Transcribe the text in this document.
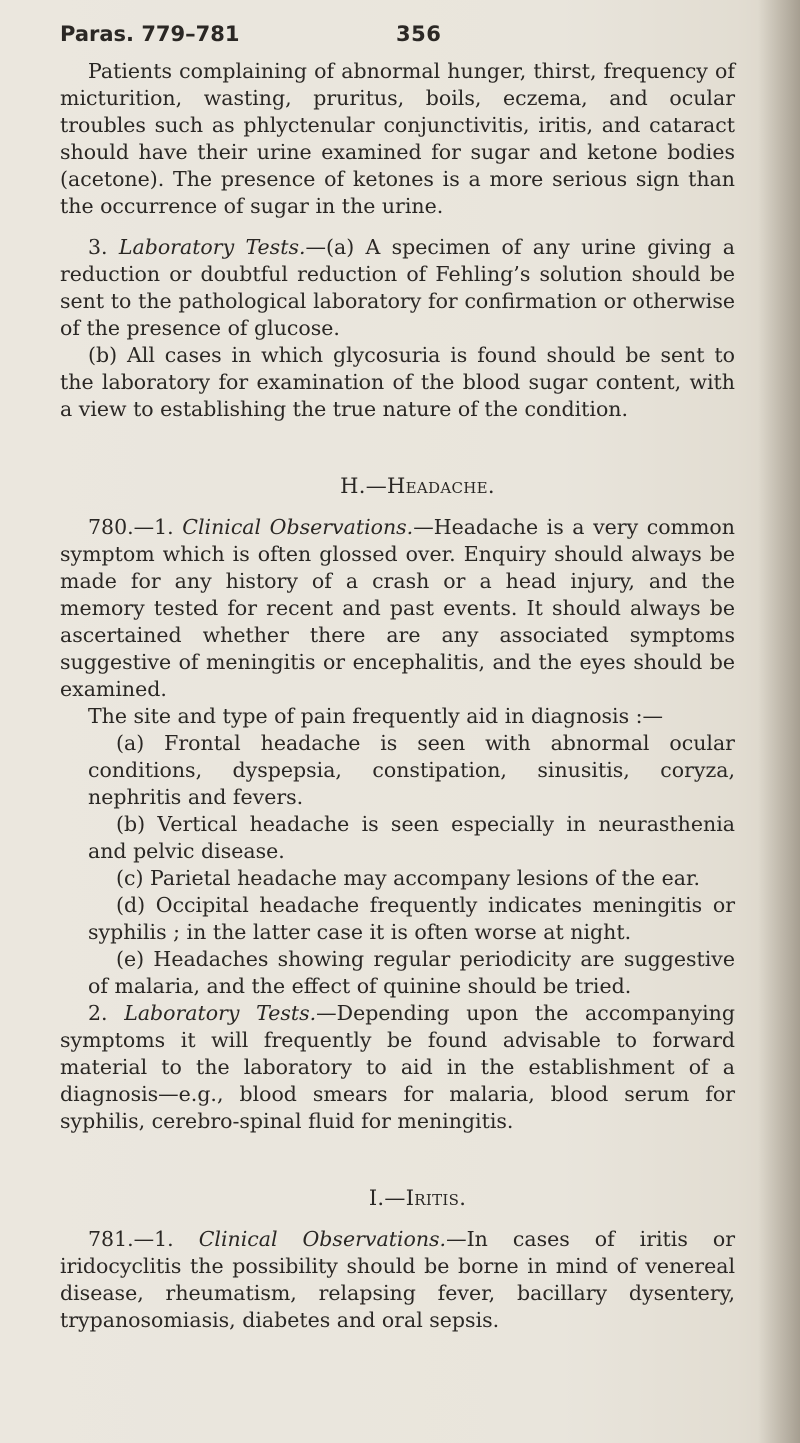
Paras. 779–781	356

Patients complaining of abnormal hunger, thirst, frequency of micturition, wasting, pruritus, boils, eczema, and ocular troubles such as phlyctenular conjunctivitis, iritis, and cataract should have their urine examined for sugar and ketone bodies (acetone). The presence of ketones is a more serious sign than the occurrence of sugar in the urine.

3. Laboratory Tests.—(a) A specimen of any urine giving a reduction or doubtful reduction of Fehling’s solution should be sent to the pathological laboratory for confirmation or otherwise of the presence of glucose.

(b) All cases in which glycosuria is found should be sent to the laboratory for examination of the blood sugar content, with a view to establishing the true nature of the condition.

H.—Headache.

780.—1. Clinical Observations.—Headache is a very common symptom which is often glossed over. Enquiry should always be made for any history of a crash or a head injury, and the memory tested for recent and past events. It should always be ascertained whether there are any associated symptoms suggestive of meningitis or encephalitis, and the eyes should be examined.

The site and type of pain frequently aid in diagnosis :—

(a) Frontal headache is seen with abnormal ocular conditions, dyspepsia, constipation, sinusitis, coryza, nephritis and fevers.

(b) Vertical headache is seen especially in neurasthenia and pelvic disease.

(c) Parietal headache may accompany lesions of the ear.

(d) Occipital headache frequently indicates meningitis or syphilis ; in the latter case it is often worse at night.

(e) Headaches showing regular periodicity are suggestive of malaria, and the effect of quinine should be tried.

2. Laboratory Tests.—Depending upon the accompanying symptoms it will frequently be found advisable to forward material to the laboratory to aid in the establishment of a diagnosis—e.g., blood smears for malaria, blood serum for syphilis, cerebro-spinal fluid for meningitis.

I.—Iritis.

781.—1. Clinical Observations.—In cases of iritis or iridocyclitis the possibility should be borne in mind of venereal disease, rheumatism, relapsing fever, bacillary dysentery, trypanosomiasis, diabetes and oral sepsis.
